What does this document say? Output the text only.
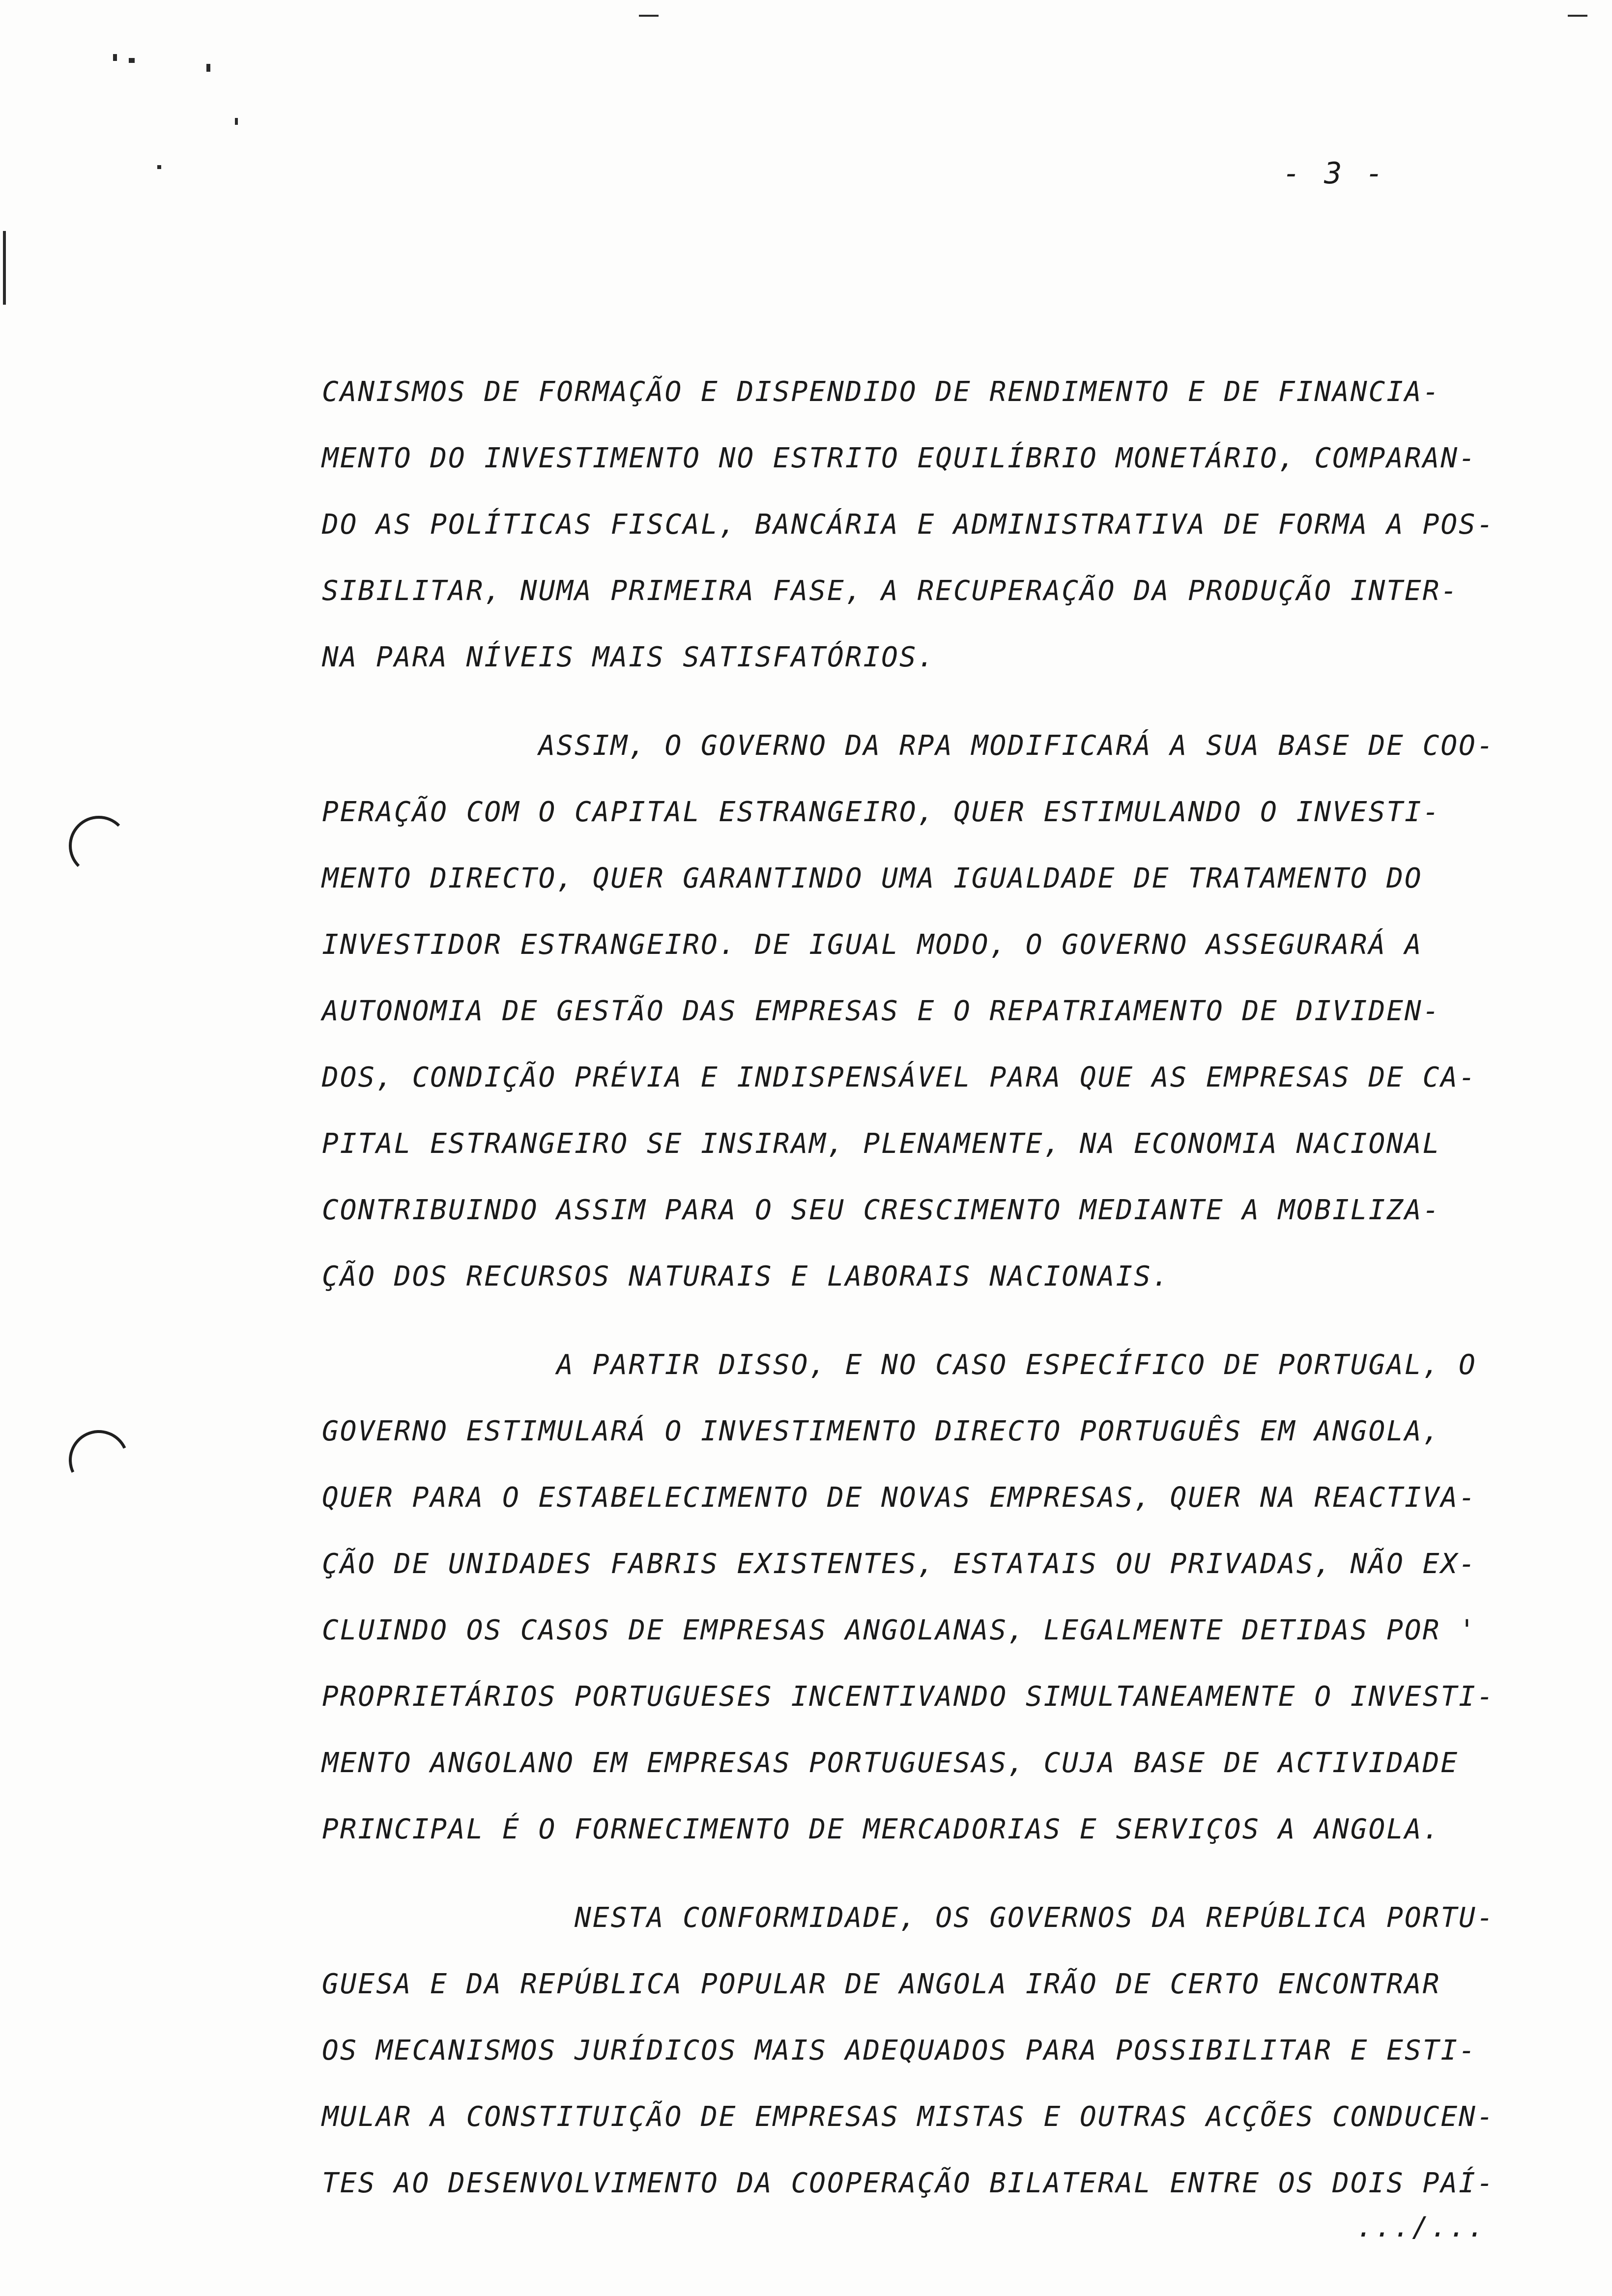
- 3 -
CANISMOS DE FORMAÇÃO E DISPENDIDO DE RENDIMENTO E DE FINANCIA-
MENTO DO INVESTIMENTO NO ESTRITO EQUILÍBRIO MONETÁRIO, COMPARAN-
DO AS POLÍTICAS FISCAL, BANCÁRIA E ADMINISTRATIVA DE FORMA A POS-
SIBILITAR, NUMA PRIMEIRA FASE, A RECUPERAÇÃO DA PRODUÇÃO INTER-
NA PARA NÍVEIS MAIS SATISFATÓRIOS.
ASSIM, O GOVERNO DA RPA MODIFICARÁ A SUA BASE DE COO-
PERAÇÃO COM O CAPITAL ESTRANGEIRO, QUER ESTIMULANDO O INVESTI-
MENTO DIRECTO, QUER GARANTINDO UMA IGUALDADE DE TRATAMENTO DO
INVESTIDOR ESTRANGEIRO. DE IGUAL MODO, O GOVERNO ASSEGURARÁ A
AUTONOMIA DE GESTÃO DAS EMPRESAS E O REPATRIAMENTO DE DIVIDEN-
DOS, CONDIÇÃO PRÉVIA E INDISPENSÁVEL PARA QUE AS EMPRESAS DE CA-
PITAL ESTRANGEIRO SE INSIRAM, PLENAMENTE, NA ECONOMIA NACIONAL
CONTRIBUINDO ASSIM PARA O SEU CRESCIMENTO MEDIANTE A MOBILIZA-
ÇÃO DOS RECURSOS NATURAIS E LABORAIS NACIONAIS.
A PARTIR DISSO, E NO CASO ESPECÍFICO DE PORTUGAL, O
GOVERNO ESTIMULARÁ O INVESTIMENTO DIRECTO PORTUGUÊS EM ANGOLA,
QUER PARA O ESTABELECIMENTO DE NOVAS EMPRESAS, QUER NA REACTIVA-
ÇÃO DE UNIDADES FABRIS EXISTENTES, ESTATAIS OU PRIVADAS, NÃO EX-
CLUINDO OS CASOS DE EMPRESAS ANGOLANAS, LEGALMENTE DETIDAS POR '
PROPRIETÁRIOS PORTUGUESES INCENTIVANDO SIMULTANEAMENTE O INVESTI-
MENTO ANGOLANO EM EMPRESAS PORTUGUESAS, CUJA BASE DE ACTIVIDADE
PRINCIPAL É O FORNECIMENTO DE MERCADORIAS E SERVIÇOS A ANGOLA.
NESTA CONFORMIDADE, OS GOVERNOS DA REPÚBLICA PORTU-
GUESA E DA REPÚBLICA POPULAR DE ANGOLA IRÃO DE CERTO ENCONTRAR
OS MECANISMOS JURÍDICOS MAIS ADEQUADOS PARA POSSIBILITAR E ESTI-
MULAR A CONSTITUIÇÃO DE EMPRESAS MISTAS E OUTRAS ACÇÕES CONDUCEN-
TES AO DESENVOLVIMENTO DA COOPERAÇÃO BILATERAL ENTRE OS DOIS PAÍ-
.../...
